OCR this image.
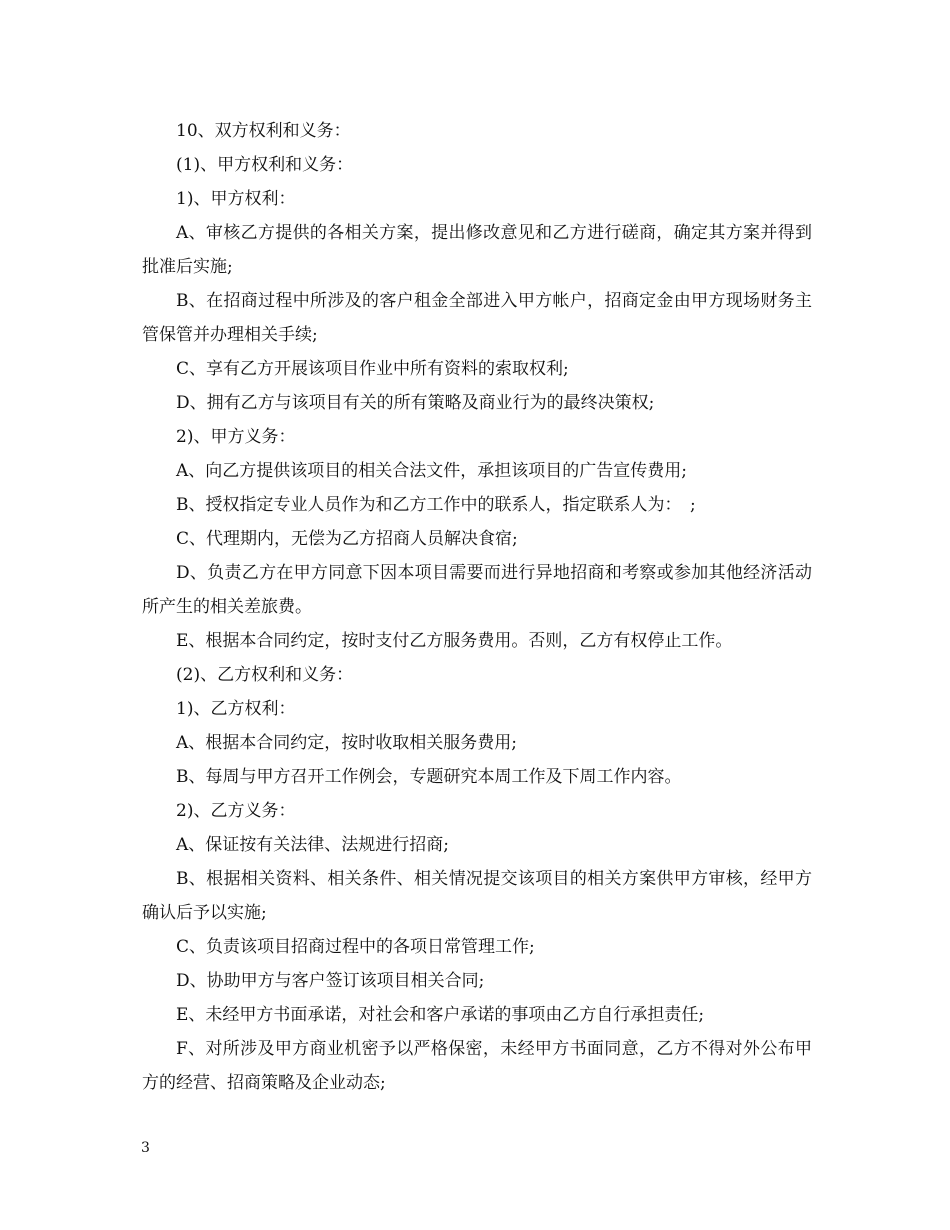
10、双方权利和义务：

(1)、甲方权利和义务：

1)、甲方权利：

A、审核乙方提供的各相关方案，提出修改意见和乙方进行磋商，确定其方案并得到批准后实施;

B、在招商过程中所涉及的客户租金全部进入甲方帐户，招商定金由甲方现场财务主管保管并办理相关手续;

C、享有乙方开展该项目作业中所有资料的索取权利;

D、拥有乙方与该项目有关的所有策略及商业行为的最终决策权;

2)、甲方义务：

A、向乙方提供该项目的相关合法文件，承担该项目的广告宣传费用;

B、授权指定专业人员作为和乙方工作中的联系人，指定联系人为：　;

C、代理期内，无偿为乙方招商人员解决食宿;

D、负责乙方在甲方同意下因本项目需要而进行异地招商和考察或参加其他经济活动所产生的相关差旅费。

E、根据本合同约定，按时支付乙方服务费用。否则，乙方有权停止工作。

(2)、乙方权利和义务：

1)、乙方权利：

A、根据本合同约定，按时收取相关服务费用;

B、每周与甲方召开工作例会，专题研究本周工作及下周工作内容。

2)、乙方义务：

A、保证按有关法律、法规进行招商;

B、根据相关资料、相关条件、相关情况提交该项目的相关方案供甲方审核，经甲方确认后予以实施;

C、负责该项目招商过程中的各项日常管理工作;

D、协助甲方与客户签订该项目相关合同;

E、未经甲方书面承诺，对社会和客户承诺的事项由乙方自行承担责任;

F、对所涉及甲方商业机密予以严格保密，未经甲方书面同意，乙方不得对外公布甲方的经营、招商策略及企业动态;

3
